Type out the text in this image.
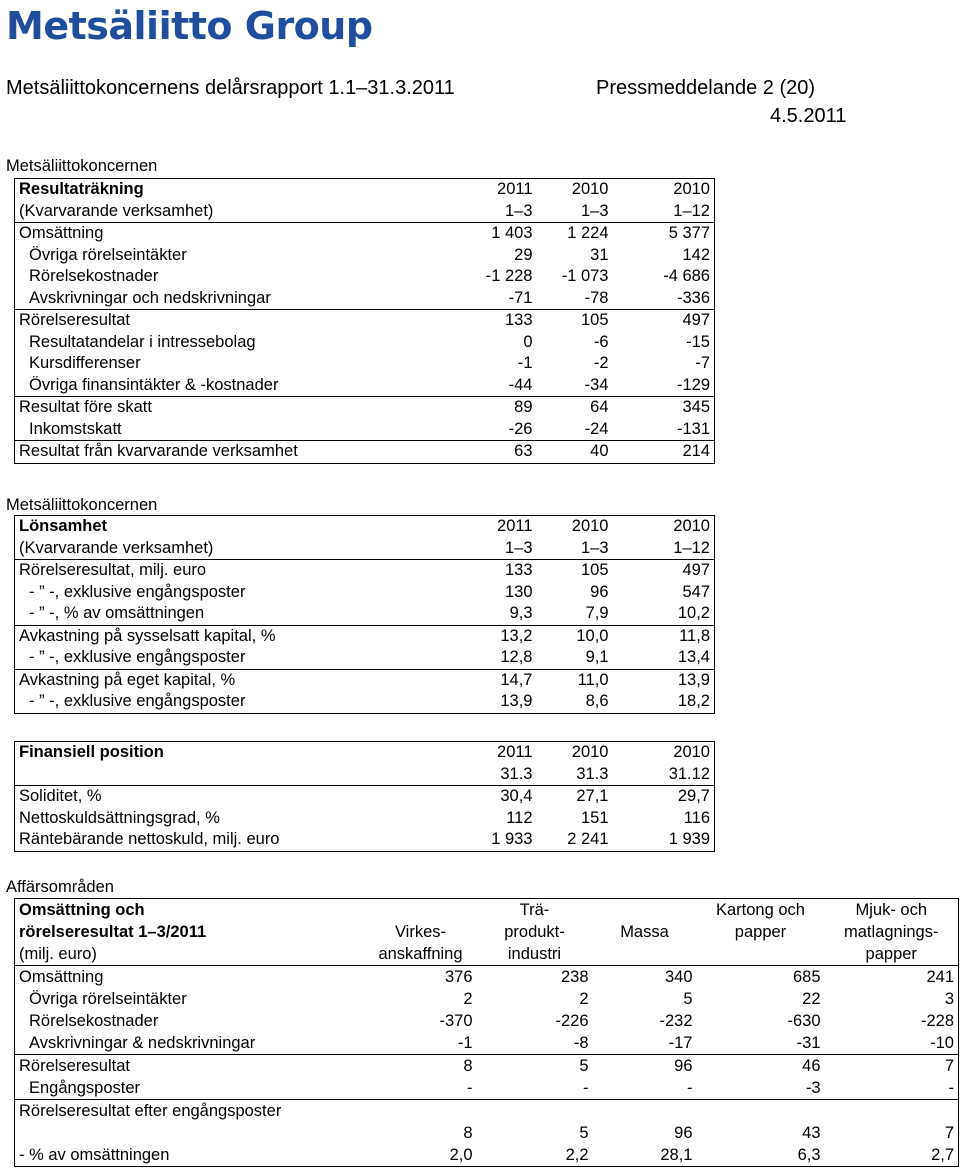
Metsäliitto Group
Metsäliittokoncernens delårsrapport 1.1–31.3.2011	Pressmeddelande 2 (20)
4.5.2011
Metsäliittokoncernen
Resultaträkning	2011	2010	2010
(Kvarvarande verksamhet)	1–3	1–3	1–12
Omsättning	1 403	1 224	5 377
Övriga rörelseintäkter	29	31	142
Rörelsekostnader	-1 228	-1 073	-4 686
Avskrivningar och nedskrivningar	-71	-78	-336
Rörelseresultat	133	105	497
Resultatandelar i intressebolag	0	-6	-15
Kursdifferenser	-1	-2	-7
Övriga finansintäkter & -kostnader	-44	-34	-129
Resultat före skatt	89	64	345
Inkomstskatt	-26	-24	-131
Resultat från kvarvarande verksamhet	63	40	214
Metsäliittokoncernen
Lönsamhet	2011	2010	2010
(Kvarvarande verksamhet)	1–3	1–3	1–12
Rörelseresultat, milj. euro	133	105	497
- ” -, exklusive engångsposter	130	96	547
- ” -, % av omsättningen	9,3	7,9	10,2
Avkastning på sysselsatt kapital, %	13,2	10,0	11,8
- ” -, exklusive engångsposter	12,8	9,1	13,4
Avkastning på eget kapital, %	14,7	11,0	13,9
- ” -, exklusive engångsposter	13,9	8,6	18,2
Finansiell position	2011	2010	2010
	31.3	31.3	31.12
Soliditet, %	30,4	27,1	29,7
Nettoskuldsättningsgrad, %	112	151	116
Räntebärande nettoskuld, milj. euro	1 933	2 241	1 939
Affärsområden
Omsättning och		Trä-		Kartong och	Mjuk- och
rörelseresultat 1–3/2011	Virkes-	produkt-	Massa	papper	matlagnings-
(milj. euro)	anskaffning	industri			papper
Omsättning	376	238	340	685	241
Övriga rörelseintäkter	2	2	5	22	3
Rörelsekostnader	-370	-226	-232	-630	-228
Avskrivningar & nedskrivningar	-1	-8	-17	-31	-10
Rörelseresultat	8	5	96	46	7
Engångsposter	-	-	-	-3	-
Rörelseresultat efter engångsposter					
	8	5	96	43	7
- % av omsättningen	2,0	2,2	28,1	6,3	2,7
